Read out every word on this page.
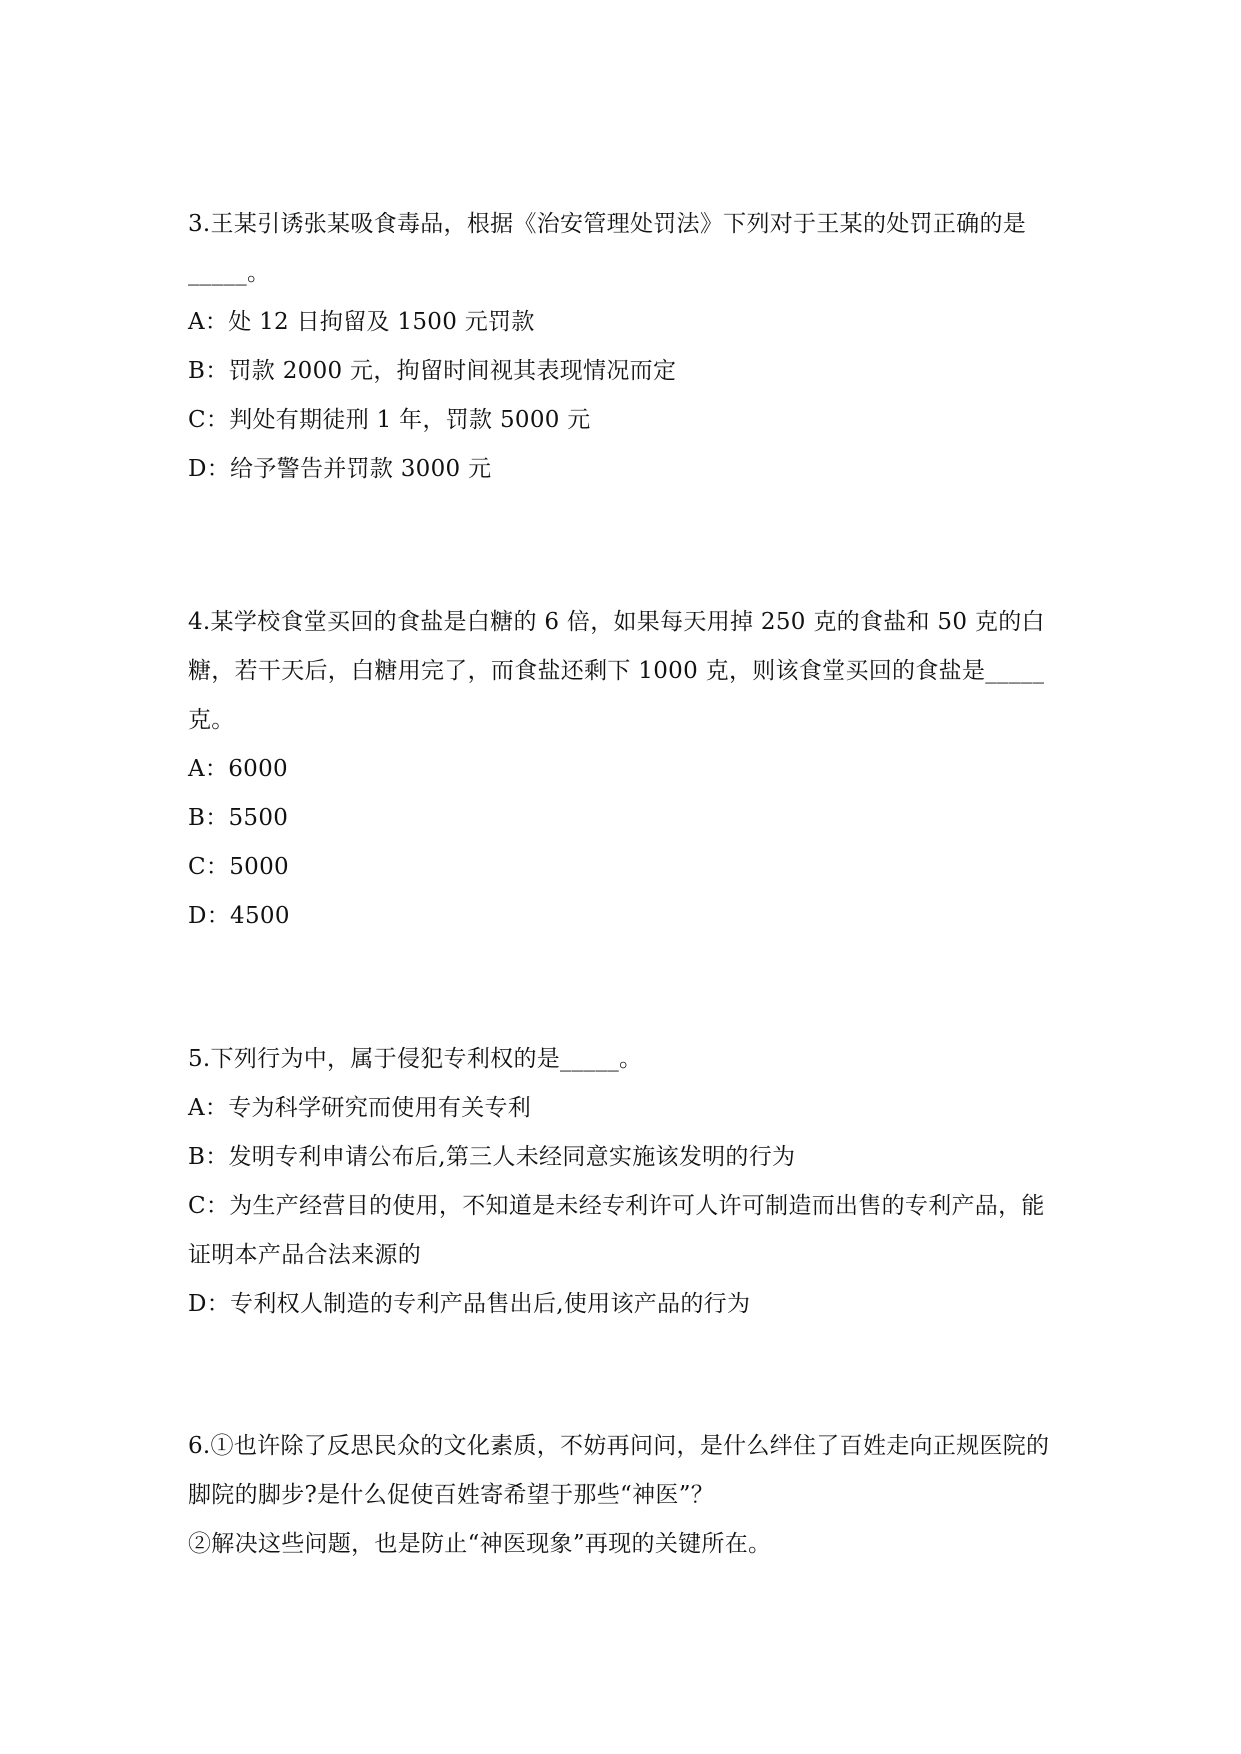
3.王某引诱张某吸食毒品，根据《治安管理处罚法》下列对于王某的处罚正确的是_____。

A：处 12 日拘留及 1500 元罚款

B：罚款 2000 元，拘留时间视其表现情况而定

C：判处有期徒刑 1 年，罚款 5000 元

D：给予警告并罚款 3000 元

4.某学校食堂买回的食盐是白糖的 6 倍，如果每天用掉 250 克的食盐和 50 克的白糖，若干天后，白糖用完了，而食盐还剩下 1000 克，则该食堂买回的食盐是_____克。

A：6000

B：5500

C：5000

D：4500

5.下列行为中，属于侵犯专利权的是_____。

A：专为科学研究而使用有关专利

B：发明专利申请公布后,第三人未经同意实施该发明的行为

C：为生产经营目的使用，不知道是未经专利许可人许可制造而出售的专利产品，能证明本产品合法来源的

D：专利权人制造的专利产品售出后,使用该产品的行为

6.①也许除了反思民众的文化素质，不妨再问问，是什么绊住了百姓走向正规医院的脚院的脚步?是什么促使百姓寄希望于那些“神医”？

②解决这些问题，也是防止“神医现象”再现的关键所在。
